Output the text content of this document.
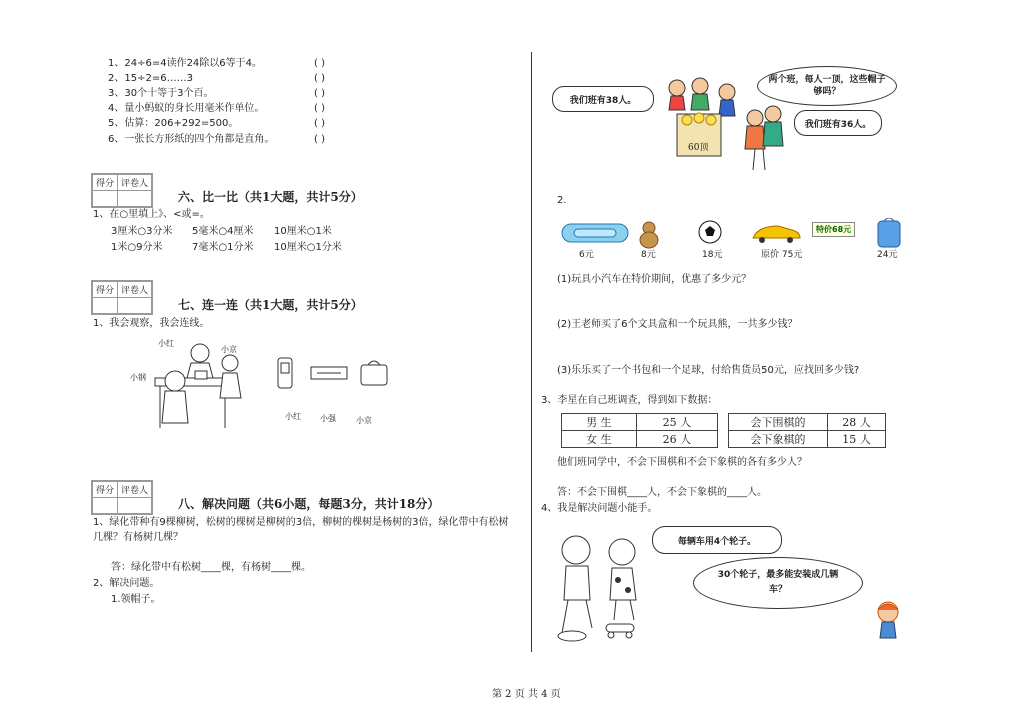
1、24÷6=4读作24除以6等于4。	( )
2、15÷2=6……3	( )
3、30个十等于3个百。	( )
4、量小蚂蚁的身长用毫米作单位。	( )
5、估算：206+292=500。	( )
6、一张长方形纸的四个角都是直角。	( )
得分	评卷人

六、比一比（共1大题，共计5分）
1、在○里填上》、<或=。
3厘米○3分米 5毫米○4厘米 10厘米○1米
1米○9分米	7毫米○1分米 10厘米○1分米
得分	评卷人

七、连一连（共1大题，共计5分）
1、我会观察，我会连线。
小红
小京
小钢
小红 小强	小京
得分	评卷人

八、解决问题（共6小题，每题3分，共计18分）
1、绿化带种有9棵柳树，松树的棵树是柳树的3倍，柳树的棵树是杨树的3倍，绿化带中有松树
几棵？有杨树几棵？
答：绿化带中有松树____棵，有杨树____棵。
2、解决问题。
1.领帽子。
我们班有38人。
两个班，每人一顶，这些帽子够吗？
我们班有36人。
60顶
2.
特价68元
6元	8元	18元	原价 75元	24元
(1)玩具小汽车在特价期间，优惠了多少元？
(2)王老师买了6个文具盒和一个玩具熊，一共多少钱？
(3)乐乐买了一个书包和一个足球，付给售货员50元，应找回多少钱?
3、李星在自己班调查，得到如下数据：
男 生	25 人
女 生	26 人
会下围棋的	28 人
会下象棋的	15 人
他们班同学中，不会下围棋和不会下象棋的各有多少人？
答：不会下围棋____人，不会下象棋的____人。
4、我是解决问题小能手。
每辆车用4个轮子。
30个轮子，最多能安装成几辆车？
第 2 页 共 4 页
